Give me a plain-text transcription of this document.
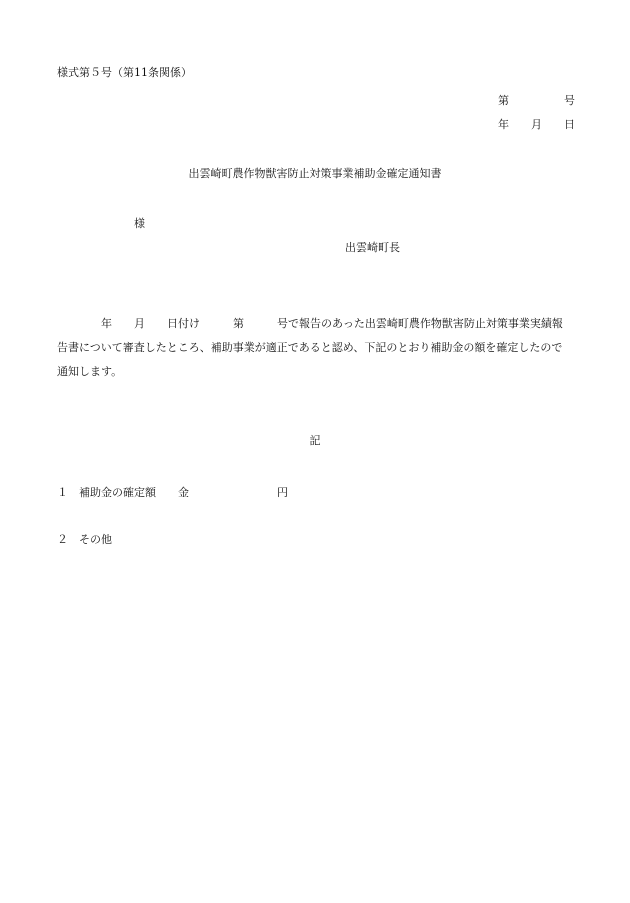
様式第５号（第11条関係）
第　　　　　号
年　　月　　日
出雲崎町農作物獣害防止対策事業補助金確定通知書
様
出雲崎町長
　　　　年　　月　　日付け　　　第　　　号で報告のあった出雲崎町農作物獣害防止対策事業実績報
告書について審査したところ、補助事業が適正であると認め、下記のとおり補助金の額を確定したので
通知します。
記
１　補助金の確定額　　金　　　　　　　　円
２　その他
